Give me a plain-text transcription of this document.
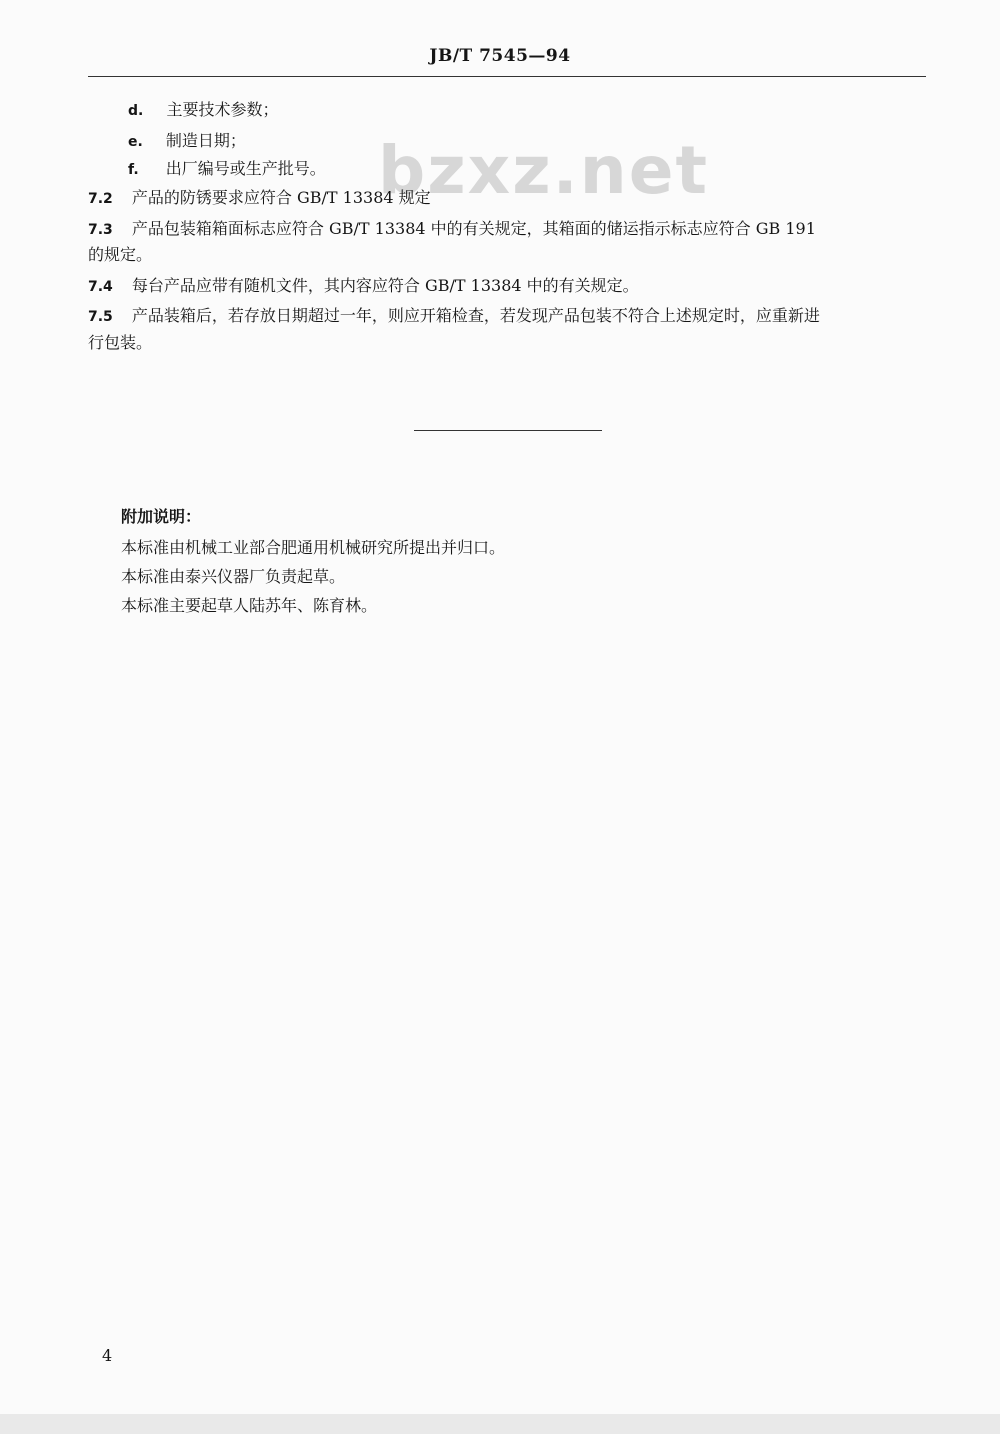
JB/T 7545—94
bzxz.net
d. 主要技术参数；
e. 制造日期；
f. 出厂编号或生产批号。
7.2 产品的防锈要求应符合 GB/T 13384 规定
7.3 产品包装箱箱面标志应符合 GB/T 13384 中的有关规定，其箱面的储运指示标志应符合 GB 191
的规定。
7.4 每台产品应带有随机文件，其内容应符合 GB/T 13384 中的有关规定。
7.5 产品装箱后，若存放日期超过一年，则应开箱检查，若发现产品包装不符合上述规定时，应重新进
行包装。
附加说明：
本标准由机械工业部合肥通用机械研究所提出并归口。
本标准由泰兴仪器厂负责起草。
本标准主要起草人陆苏年、陈育林。
4
